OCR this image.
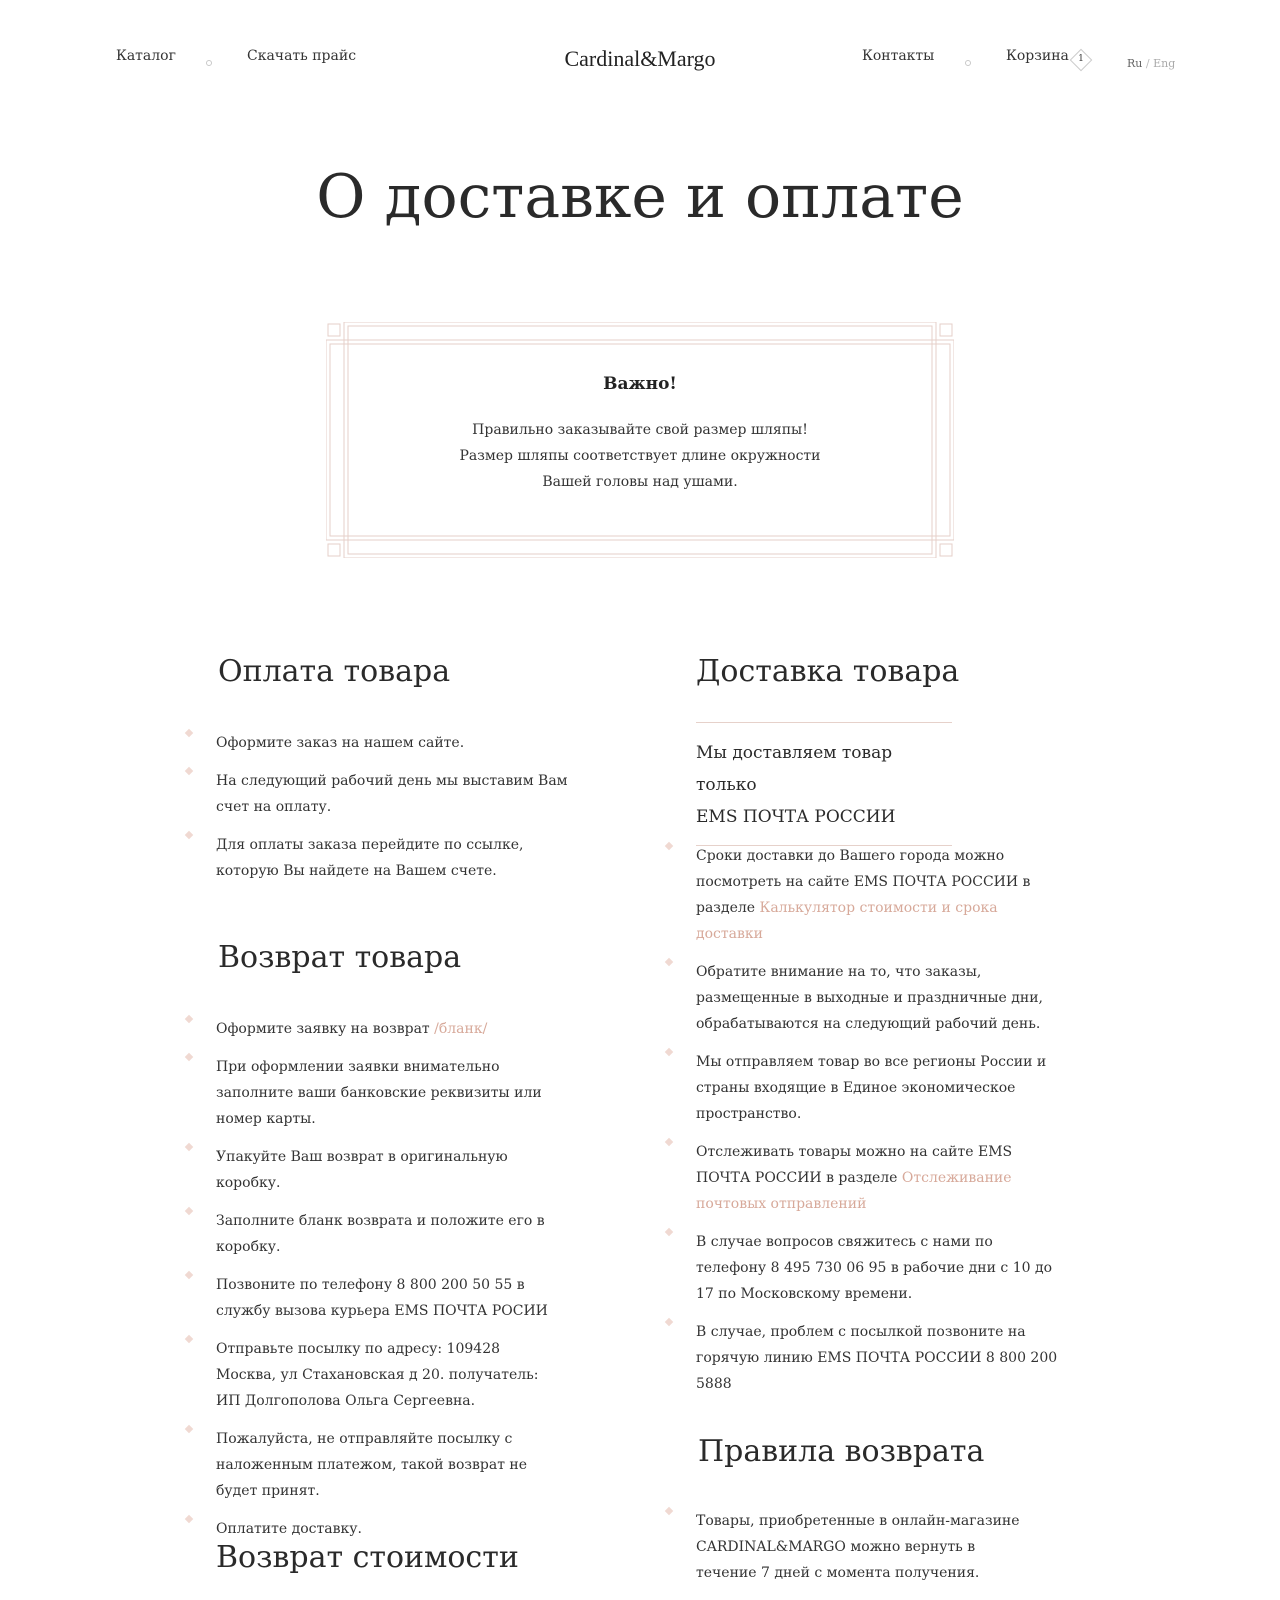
Каталог	Скачать прайс	Cardinal&Margo	Контакты	Корзина	1	Ru / Eng
О доставке и оплате
Важно!
Правильно заказывайте свой размер шляпы!
Размер шляпы соответствует длине окружности
Вашей головы над ушами.
Оплата товара
Оформите заказ на нашем сайте.
На следующий рабочий день мы выставим Вам счет на оплату.
Для оплаты заказа перейдите по ссылке, которую Вы найдете на Вашем счете.
Возврат товара
Оформите заявку на возврат /бланк/
При оформлении заявки внимательно заполните ваши банковские реквизиты или номер карты.
Упакуйте Ваш возврат в оригинальную коробку.
Заполните бланк возврата и положите его в коробку.
Позвоните по телефону 8 800 200 50 55 в службу вызова курьера EMS ПОЧТА РОСИИ
Отправьте посылку по адресу: 109428 Москва, ул Стахановская д 20. получатель: ИП Долгополова Ольга Сергеевна.
Пожалуйста, не отправляйте посылку с наложенным платежом, такой возврат не будет принят.
Оплатите доставку.
Возврат стоимости
Доставка товара

Мы доставляем товар только

EMS ПОЧТА РОССИИ

Сроки доставки до Вашего города можно посмотреть на сайте EMS ПОЧТА РОССИИ в разделе Калькулятор стоимости и срока доставки
Обратите внимание на то, что заказы, размещенные в выходные и праздничные дни, обрабатываются на следующий рабочий день.
Мы отправляем товар во все регионы России и страны входящие в Единое экономическое пространство.
Отслеживать товары можно на сайте EMS ПОЧТА РОССИИ в разделе Отслеживание почтовых отправлений
В случае вопросов свяжитесь с нами по телефону 8 495 730 06 95 в рабочие дни с 10 до 17 по Московскому времени.
В случае, проблем с посылкой позвоните на горячую линию EMS ПОЧТА РОССИИ 8 800 200 5888
Правила возврата
Товары, приобретенные в онлайн-магазине CARDINAL&MARGO можно вернуть в течение 7 дней с момента получения.
